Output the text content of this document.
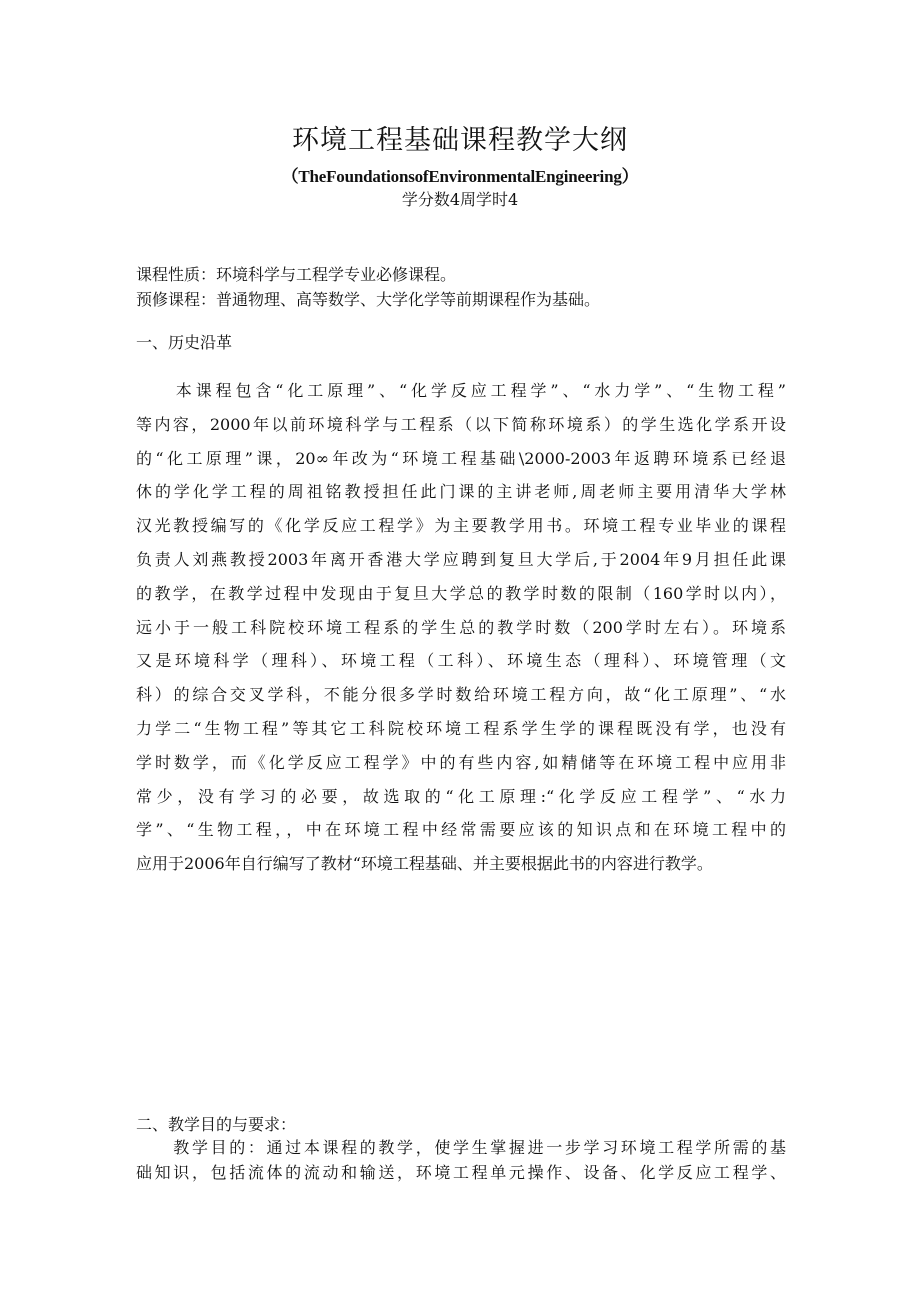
环境工程基础课程教学大纲
（TheFoundationsofEnvironmentalEngineering）
学分数4周学时4
课程性质：环境科学与工程学专业必修课程。
预修课程：普通物理、高等数学、大学化学等前期课程作为基础。
一、历史沿革
　　本课程包含“化工原理”、“化学反应工程学”、“水力学”、“生物工程”
等内容，2000年以前环境科学与工程系（以下简称环境系）的学生选化学系开设
的“化工原理”课，20∞年改为“环境工程基础\2000-2003年返聘环境系已经退
休的学化学工程的周祖铭教授担任此门课的主讲老师,周老师主要用清华大学林
汉光教授编写的《化学反应工程学》为主要教学用书。环境工程专业毕业的课程
负责人刘燕教授2003年离开香港大学应聘到复旦大学后,于2004年9月担任此课
的教学，在教学过程中发现由于复旦大学总的教学时数的限制（160学时以内），
远小于一般工科院校环境工程系的学生总的教学时数（200学时左右）。环境系
又是环境科学（理科）、环境工程（工科）、环境生态（理科）、环境管理（文
科）的综合交叉学科，不能分很多学时数给环境工程方向，故“化工原理”、“水
力学二“生物工程”等其它工科院校环境工程系学生学的课程既没有学，也没有
学时数学，而《化学反应工程学》中的有些内容,如精储等在环境工程中应用非
常少，没有学习的必要，故选取的“化工原理:“化学反应工程学”、“水力
学”、“生物工程，，中在环境工程中经常需要应该的知识点和在环境工程中的
应用于2006年自行编写了教材“环境工程基础、并主要根据此书的内容进行教学。
二、教学目的与要求：
　　教学目的：通过本课程的教学，使学生掌握进一步学习环境工程学所需的基
础知识，包括流体的流动和输送，环境工程单元操作、设备、化学反应工程学、
